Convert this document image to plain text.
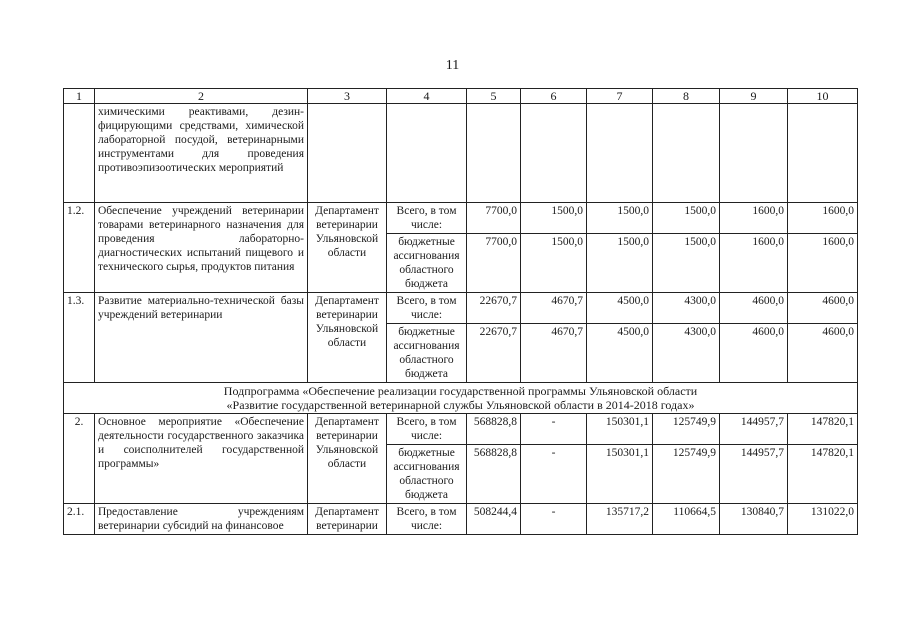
11
1	2	3	4	5	6	7	8	9	10
	химическими реактивами, дезин-фицирующими средствами, химической лабораторной посудой, ветеринарными инструментами для проведения противоэпизоотических мероприятий								
1.2.	Обеспечение учреждений ветеринарии товарами ветеринарного назначения для проведения лабораторно-диагностических испытаний пищевого и технического сырья, продуктов питания	Департамент ветеринарии Ульяновской области	Всего, в том числе:	7700,0	1500,0	1500,0	1500,0	1600,0	1600,0
			бюджетные ассигнования областного бюджета	7700,0	1500,0	1500,0	1500,0	1600,0	1600,0
1.3.	Развитие материально-технической базы учреждений ветеринарии	Департамент ветеринарии Ульяновской области	Всего, в том числе:	22670,7	4670,7	4500,0	4300,0	4600,0	4600,0
			бюджетные ассигнования областного бюджета	22670,7	4670,7	4500,0	4300,0	4600,0	4600,0

Подпрограмма «Обеспечение реализации государственной программы Ульяновской области
«Развитие государственной ветеринарной службы Ульяновской области в 2014-2018 годах»									

2.	Основное мероприятие «Обеспечение деятельности государственного заказчика и соисполнителей государственной программы»	Департамент ветеринарии Ульяновской области	Всего, в том числе:	568828,8	-	150301,1	125749,9	144957,7	147820,1
			бюджетные ассигнования областного бюджета	568828,8	-	150301,1	125749,9	144957,7	147820,1
2.1.	Предоставление учреждениям ветеринарии субсидий на финансовое	Департамент ветеринарии	Всего, в том числе:	508244,4	-	135717,2	110664,5	130840,7	131022,0
